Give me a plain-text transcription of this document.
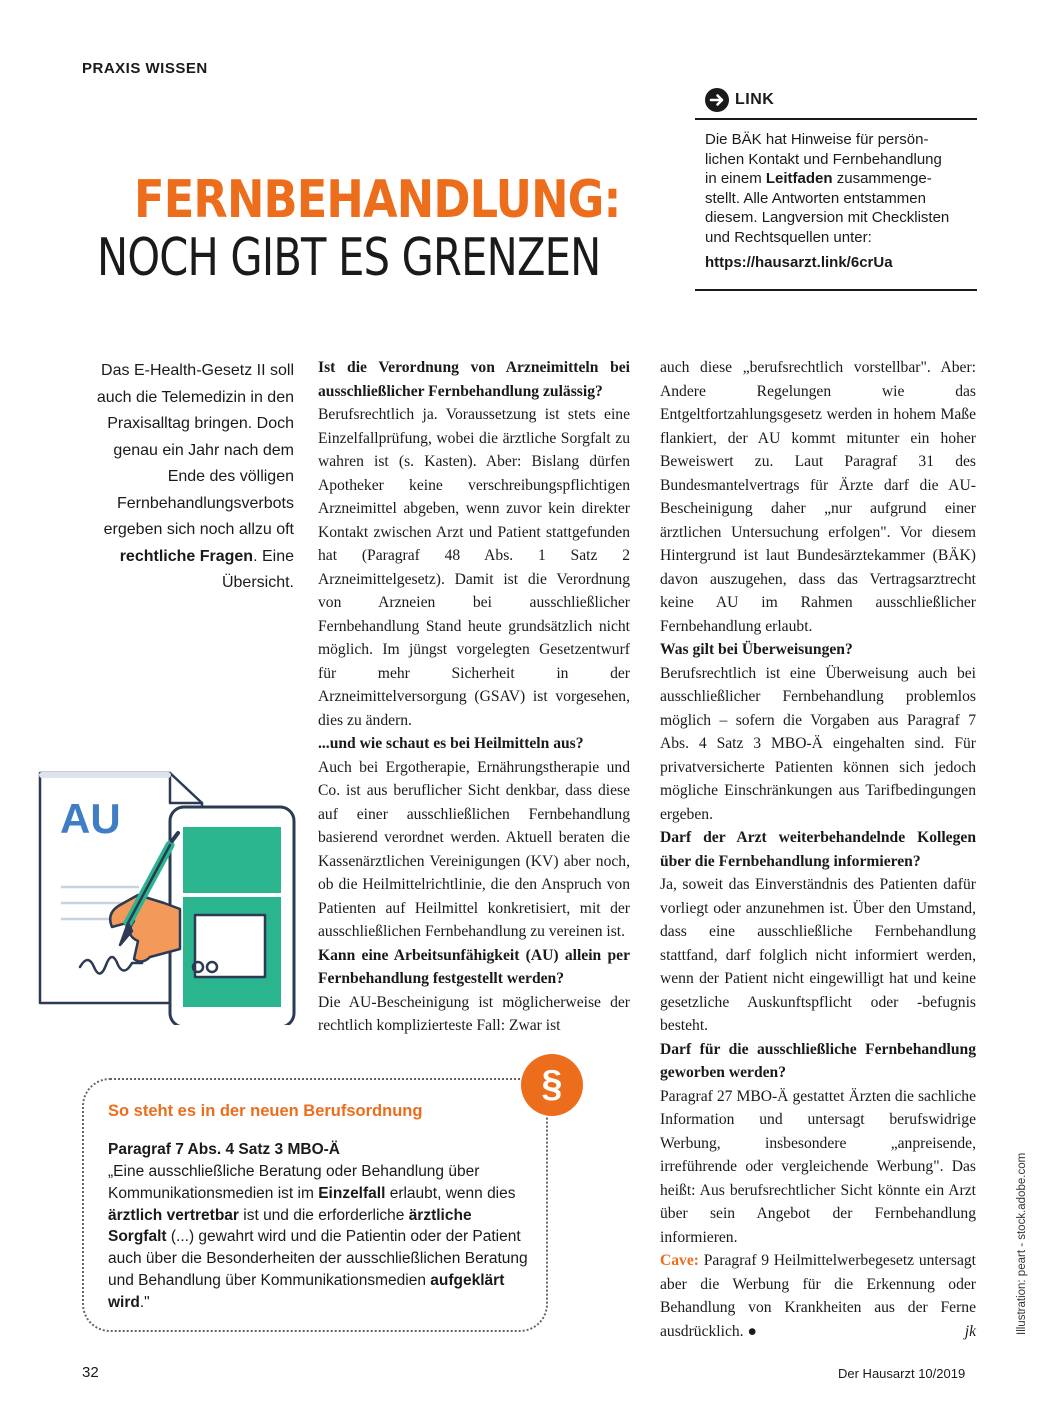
PRAXIS WISSEN
FERNBEHANDLUNG:
NOCH GIBT ES GRENZEN
LINK
Die BÄK hat Hinweise für persön-
lichen Kontakt und Fernbehandlung
in einem Leitfaden zusammenge-
stellt. Alle Antworten entstammen
diesem. Langversion mit Checklisten
und Rechtsquellen unter:
https://hausarzt.link/6crUa
Das E-Health-Gesetz II soll auch die Telemedizin in den Praxisalltag bringen. Doch genau ein Jahr nach dem Ende des völligen Fernbehandlungsverbots ergeben sich noch allzu oft rechtliche Fragen. Eine Übersicht.

Ist die Verordnung von Arzneimitteln bei ausschließlicher Fernbehandlung zulässig?

Berufsrechtlich ja. Voraussetzung ist stets eine Einzelfallprüfung, wobei die ärztliche Sorgfalt zu wahren ist (s. Kasten). Aber: Bislang dürfen Apotheker keine verschreibungspflichtigen Arzneimittel abgeben, wenn zuvor kein direkter Kontakt zwischen Arzt und Patient stattgefunden hat (Paragraf 48 Abs. 1 Satz 2 Arzneimittelgesetz). Damit ist die Verordnung von Arzneien bei ausschließlicher Fernbehandlung Stand heute grundsätzlich nicht möglich. Im jüngst vorgelegten Gesetzentwurf für mehr Sicherheit in der Arzneimittelversorgung (GSAV) ist vorgesehen, dies zu ändern.

...und wie schaut es bei Heilmitteln aus?

Auch bei Ergotherapie, Ernährungstherapie und Co. ist aus beruflicher Sicht denkbar, dass diese auf einer ausschließlichen Fernbehandlung basierend verordnet werden. Aktuell beraten die Kassenärztlichen Vereinigungen (KV) aber noch, ob die Heilmittelrichtlinie, die den Anspruch von Patienten auf Heilmittel konkretisiert, mit der ausschließlichen Fernbehandlung zu vereinen ist.

Kann eine Arbeitsunfähigkeit (AU) allein per Fernbehandlung festgestellt werden?

Die AU-Bescheinigung ist möglicherweise der rechtlich komplizierteste Fall: Zwar ist

auch diese „berufsrechtlich vorstellbar". Aber: Andere Regelungen wie das Entgeltfortzahlungsgesetz werden in hohem Maße flankiert, der AU kommt mitunter ein hoher Beweiswert zu. Laut Paragraf 31 des Bundesmantelvertrags für Ärzte darf die AU-Bescheinigung daher „nur aufgrund einer ärztlichen Untersuchung erfolgen". Vor diesem Hintergrund ist laut Bundesärztekammer (BÄK) davon auszugehen, dass das Vertragsarztrecht keine AU im Rahmen ausschließlicher Fernbehandlung erlaubt.

Was gilt bei Überweisungen?

Berufsrechtlich ist eine Überweisung auch bei ausschließlicher Fernbehandlung problemlos möglich – sofern die Vorgaben aus Paragraf 7 Abs. 4 Satz 3 MBO-Ä eingehalten sind. Für privatversicherte Patienten können sich jedoch mögliche Einschränkungen aus Tarifbedingungen ergeben.

Darf der Arzt weiterbehandelnde Kollegen über die Fernbehandlung informieren?

Ja, soweit das Einverständnis des Patienten dafür vorliegt oder anzunehmen ist. Über den Umstand, dass eine ausschließliche Fernbehandlung stattfand, darf folglich nicht informiert werden, wenn der Patient nicht eingewilligt hat und keine gesetzliche Auskunftspflicht oder -befugnis besteht.

Darf für die ausschließliche Fernbehandlung geworben werden?

Paragraf 27 MBO-Ä gestattet Ärzten die sachliche Information und untersagt berufswidrige Werbung, insbesondere „anpreisende, irreführende oder vergleichende Werbung". Das heißt: Aus berufsrechtlicher Sicht könnte ein Arzt über sein Angebot der Fernbehandlung informieren.

Cave: Paragraf 9 Heilmittelwerbegesetz untersagt aber die Werbung für die Erkennung oder Behandlung von Krankheiten aus der Ferne ausdrücklich. ●	jk

AU
§
So steht es in der neuen Berufsordnung
Paragraf 7 Abs. 4 Satz 3 MBO-Ä
„Eine ausschließliche Beratung oder Behandlung über Kommunikationsmedien ist im Einzelfall erlaubt, wenn dies ärztlich vertretbar ist und die erforderliche ärztliche Sorgfalt (...) gewahrt wird und die Patientin oder der Patient auch über die Besonderheiten der ausschließlichen Beratung und Behandlung über Kommunikationsmedien aufgeklärt wird."	Illustration: peart - stock.adobe.com
32	Der Hausarzt 10/2019
